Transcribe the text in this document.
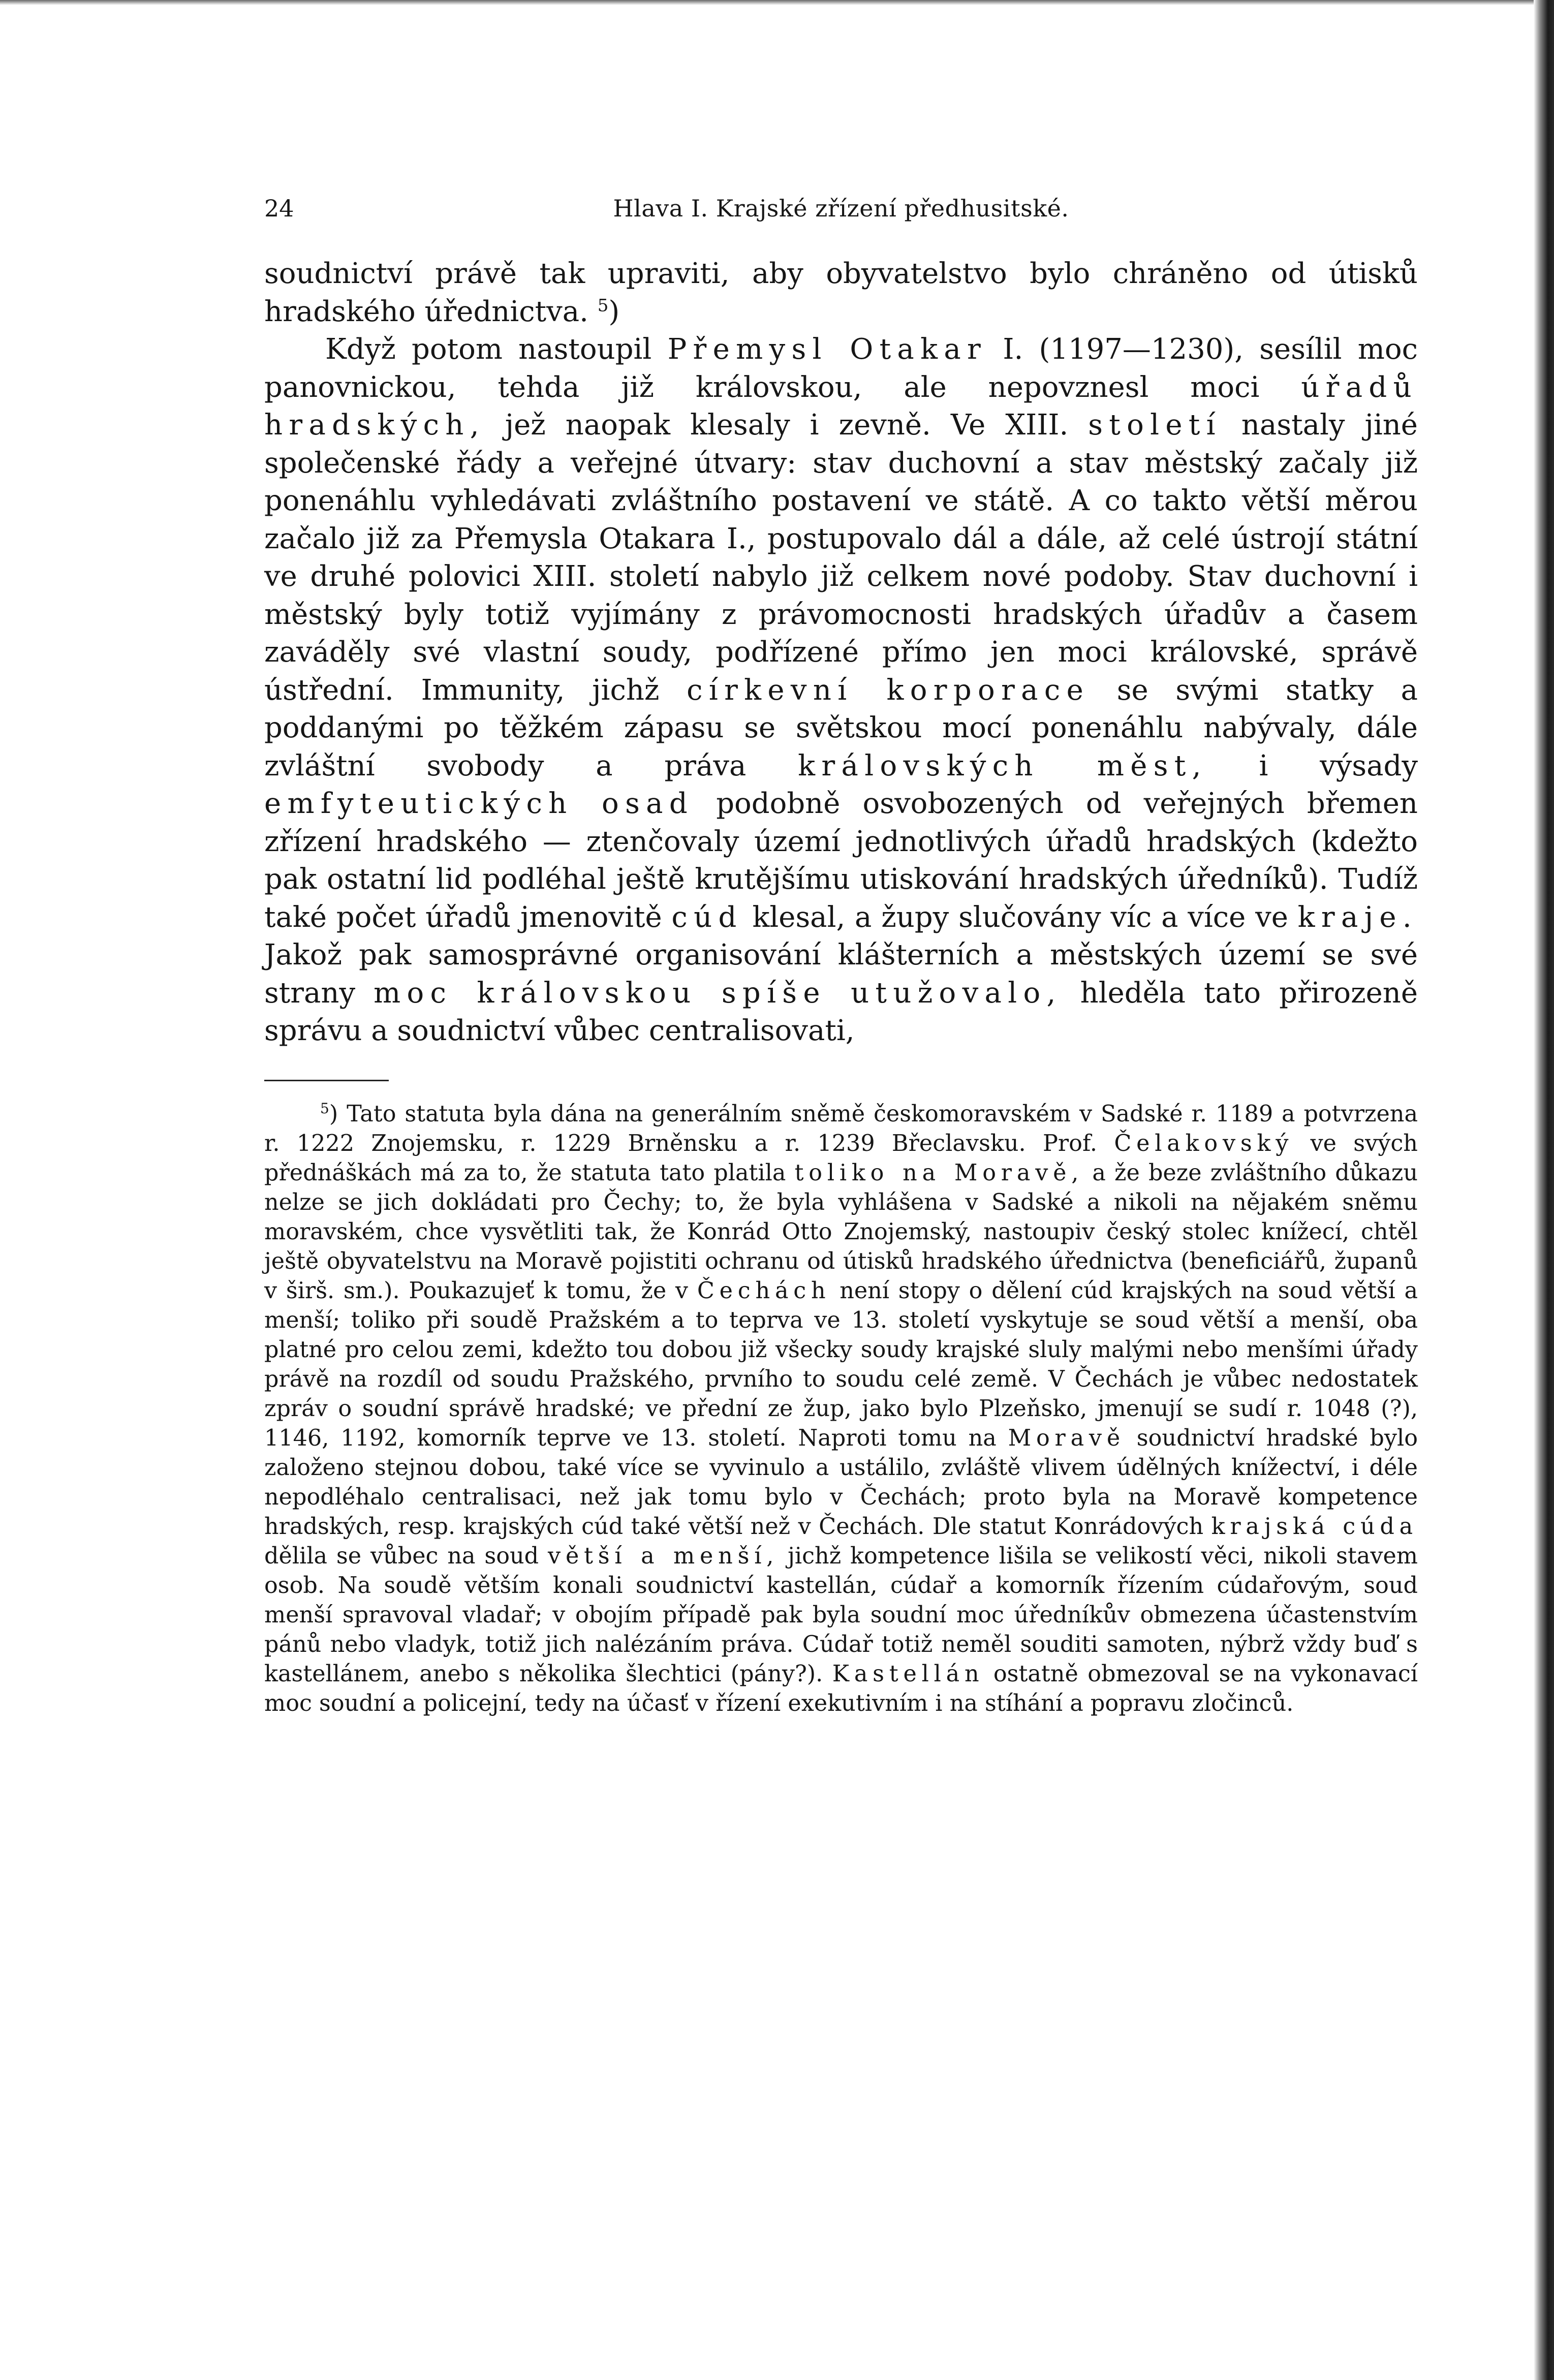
24	Hlava I. Krajské zřízení předhusitské.

soudnictví právě tak upraviti, aby obyvatelstvo bylo chráněno od útisků hradského úřednictva. $^5$)

Když potom nastoupil Přemysl Otakar I. (1197—1230), sesílil moc panovnickou, tehda již královskou, ale nepovznesl moci úřadů hradských, jež naopak klesaly i zevně. Ve XIII. století nastaly jiné společenské řády a veřejné útvary: stav duchovní a stav městský začaly již ponenáhlu vyhledávati zvláštního postavení ve státě. A co takto větší měrou začalo již za Přemysla Otakara I., postupovalo dál a dále, až celé ústrojí státní ve druhé polovici XIII. století nabylo již celkem nové podoby. Stav duchovní i městský byly totiž vyjímány z právomocnosti hradských úřadův a časem zaváděly své vlastní soudy, podřízené přímo jen moci královské, správě ústřední. Immunity, jichž církevní korporace se svými statky a poddanými po těžkém zápasu se světskou mocí ponenáhlu nabývaly, dále zvláštní svobody a práva královských měst, i výsady emfyteutických osad podobně osvobozených od veřejných břemen zřízení hradského — ztenčovaly území jednotlivých úřadů hradských (kdežto pak ostatní lid podléhal ještě krutějšímu utiskování hradských úředníků). Tudíž také počet úřadů jmenovitě cúd klesal, a župy slučovány víc a více ve kraje. Jakož pak samosprávné organisování klášterních a městských území se své strany moc královskou spíše utužovalo, hleděla tato přirozeně správu a soudnictví vůbec centralisovati,

$^5$) Tato statuta byla dána na generálním sněmě českomoravském v Sadské r. 1189 a potvrzena r. 1222 Znojemsku, r. 1229 Brněnsku a r. 1239 Břeclavsku. Prof. Čelakovský ve svých přednáškách má za to, že statuta tato platila toliko na Moravě, a že beze zvláštního důkazu nelze se jich dokládati pro Čechy; to, že byla vyhlášena v Sadské a nikoli na nějakém sněmu moravském, chce vysvětliti tak, že Konrád Otto Znojemský, nastoupiv český stolec knížecí, chtěl ještě obyvatelstvu na Moravě pojistiti ochranu od útisků hradského úřednictva (beneficiářů, županů v širš. sm.). Poukazujeť k tomu, že v Čechách není stopy o dělení cúd krajských na soud větší a menší; toliko při soudě Pražském a to teprva ve 13. století vyskytuje se soud větší a menší, oba platné pro celou zemi, kdežto tou dobou již všecky soudy krajské sluly malými nebo menšími úřady právě na rozdíl od soudu Pražského, prvního to soudu celé země. V Čechách je vůbec nedostatek zpráv o soudní správě hradské; ve přední ze žup, jako bylo Plzeňsko, jmenují se sudí r. 1048 (?), 1146, 1192, komorník teprve ve 13. století. Naproti tomu na Moravě soudnictví hradské bylo založeno stejnou dobou, také více se vyvinulo a ustálilo, zvláště vlivem údělných knížectví, i déle nepodléhalo centralisaci, než jak tomu bylo v Čechách; proto byla na Moravě kompetence hradských, resp. krajských cúd také větší než v Čechách. Dle statut Konrádových krajská cúda dělila se vůbec na soud větší a menší, jichž kompetence lišila se velikostí věci, nikoli stavem osob. Na soudě větším konali soudnictví kastellán, cúdař a komorník řízením cúdařovým, soud menší spravoval vladař; v obojím případě pak byla soudní moc úředníkův obmezena účastenstvím pánů nebo vladyk, totiž jich nalézáním práva. Cúdař totiž neměl souditi samoten, nýbrž vždy buď s kastellánem, anebo s několika šlechtici (pány?). Kastellán ostatně obmezoval se na vykonavací moc soudní a policejní, tedy na účasť v řízení exekutivním i na stíhání a popravu zločinců.
